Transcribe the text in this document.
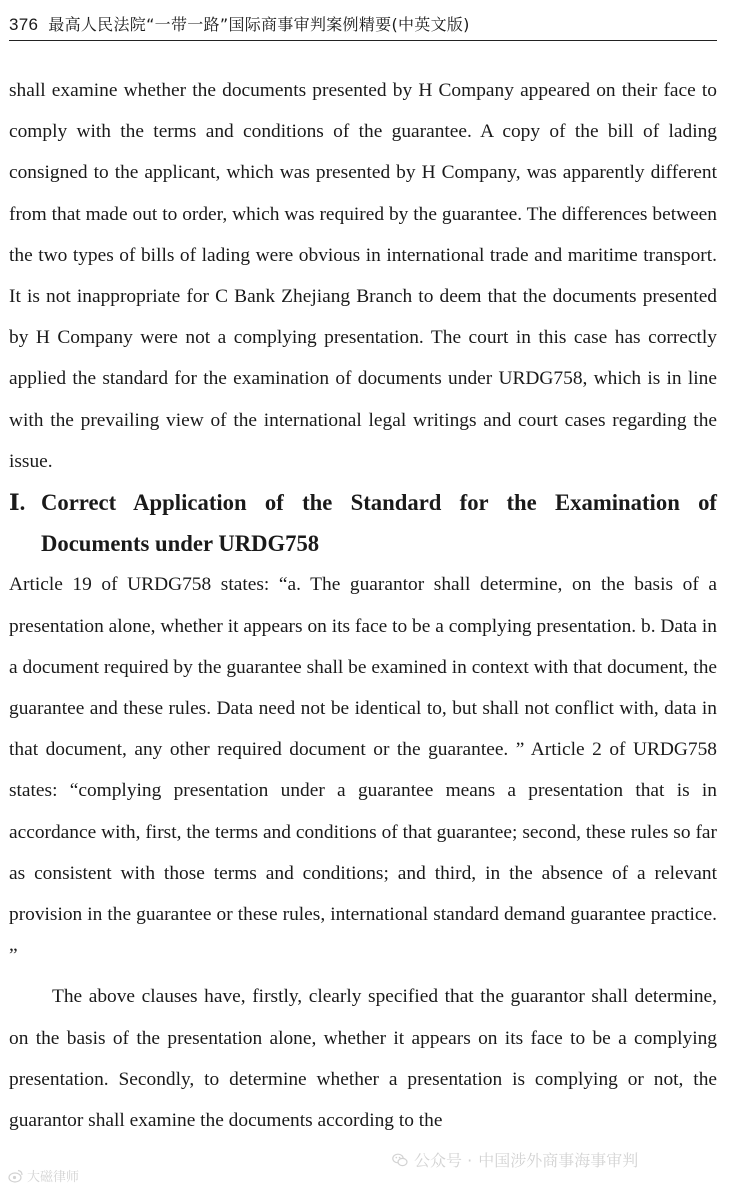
376 最高人民法院“一带一路”国际商事审判案例精要(中英文版)

shall examine whether the documents presented by H Company appeared on their face to comply with the terms and conditions of the guarantee. A copy of the bill of lading consigned to the applicant, which was presented by H Company, was apparently different from that made out to order, which was required by the guarantee. The differences between the two types of bills of lading were obvious in international trade and maritime transport. It is not inappropriate for C Bank Zhejiang Branch to deem that the documents presented by H Company were not a complying presentation. The court in this case has correctly applied the standard for the examination of documents under URDG758, which is in line with the prevailing view of the international legal writings and court cases regarding the issue.

Ⅰ. Correct Application of the Standard for the Examination of Documents under URDG758

Article 19 of URDG758 states: “a. The guarantor shall determine, on the basis of a presentation alone, whether it appears on its face to be a complying presentation. b. Data in a document required by the guarantee shall be examined in context with that document, the guarantee and these rules. Data need not be identical to, but shall not conflict with, data in that document, any other required document or the guarantee. ” Article 2 of URDG758 states: “complying presentation under a guarantee means a presentation that is in accordance with, first, the terms and conditions of that guarantee; second, these rules so far as consistent with those terms and conditions; and third, in the absence of a relevant provision in the guarantee or these rules, international standard demand guarantee practice. ”

The above clauses have, firstly, clearly specified that the guarantor shall determine, on the basis of the presentation alone, whether it appears on its face to be a complying presentation. Secondly, to determine whether a presentation is complying or not, the guarantor shall examine the documents according to the

大磁律师
公众号 · 中国涉外商事海事审判
